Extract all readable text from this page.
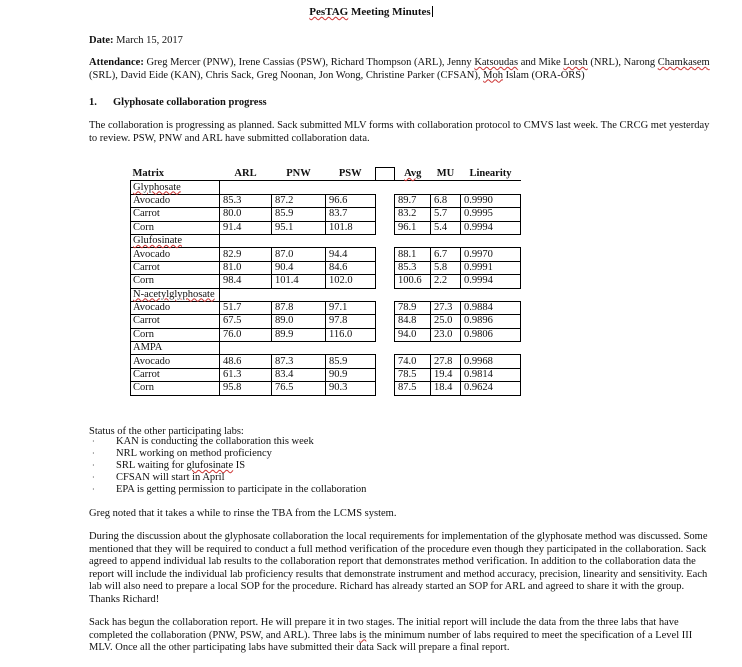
PesTAG Meeting Minutes
Date: March 15, 2017
Attendance: Greg Mercer (PNW), Irene Cassias (PSW), Richard Thompson (ARL), Jenny Katsoudas and Mike Lorsh (NRL), Narong Chamkasem (SRL), David Eide (KAN), Chris Sack, Greg Noonan, Jon Wong, Christine Parker (CFSAN), Moh Islam (ORA-ORS)
1. Glyphosate collaboration progress
The collaboration is progressing as planned. Sack submitted MLV forms with collaboration protocol to CMVS last week. The CRCG met yesterday to review. PSW, PNW and ARL have submitted collaboration data.
Matrix	ARL	PNW	PSW		Avg	MU	Linearity
Glyphosate							
Avocado	85.3	87.2	96.6		89.7	6.8	0.9990
Carrot	80.0	85.9	83.7		83.2	5.7	0.9995
Corn	91.4	95.1	101.8		96.1	5.4	0.9994
Glufosinate							
Avocado	82.9	87.0	94.4		88.1	6.7	0.9970
Carrot	81.0	90.4	84.6		85.3	5.8	0.9991
Corn	98.4	101.4	102.0		100.6	2.2	0.9994
N-acetylglyphosate							
Avocado	51.7	87.8	97.1		78.9	27.3	0.9884
Carrot	67.5	89.0	97.8		84.8	25.0	0.9896
Corn	76.0	89.9	116.0		94.0	23.0	0.9806
AMPA							
Avocado	48.6	87.3	85.9		74.0	27.8	0.9968
Carrot	61.3	83.4	90.9		78.5	19.4	0.9814
Corn	95.8	76.5	90.3		87.5	18.4	0.9624
Status of the other participating labs:
· KAN is conducting the collaboration this week
· NRL working on method proficiency
· SRL waiting for glufosinate IS
· CFSAN will start in April
· EPA is getting permission to participate in the collaboration
Greg noted that it takes a while to rinse the TBA from the LCMS system.
During the discussion about the glyphosate collaboration the local requirements for implementation of the glyphosate method was discussed. Some mentioned that they will be required to conduct a full method verification of the procedure even though they participated in the collaboration. Sack agreed to append individual lab results to the collaboration report that demonstrates method verification. In addition to the collaboration data the report will include the individual lab proficiency results that demonstrate instrument and method accuracy, precision, linearity and sensitivity. Each lab will also need to prepare a local SOP for the procedure. Richard has already started an SOP for ARL and agreed to share it with the group. Thanks Richard!
Sack has begun the collaboration report. He will prepare it in two stages. The initial report will include the data from the three labs that have completed the collaboration (PNW, PSW, and ARL). Three labs is the minimum number of labs required to meet the specification of a Level III MLV. Once all the other participating labs have submitted their data Sack will prepare a final report.
